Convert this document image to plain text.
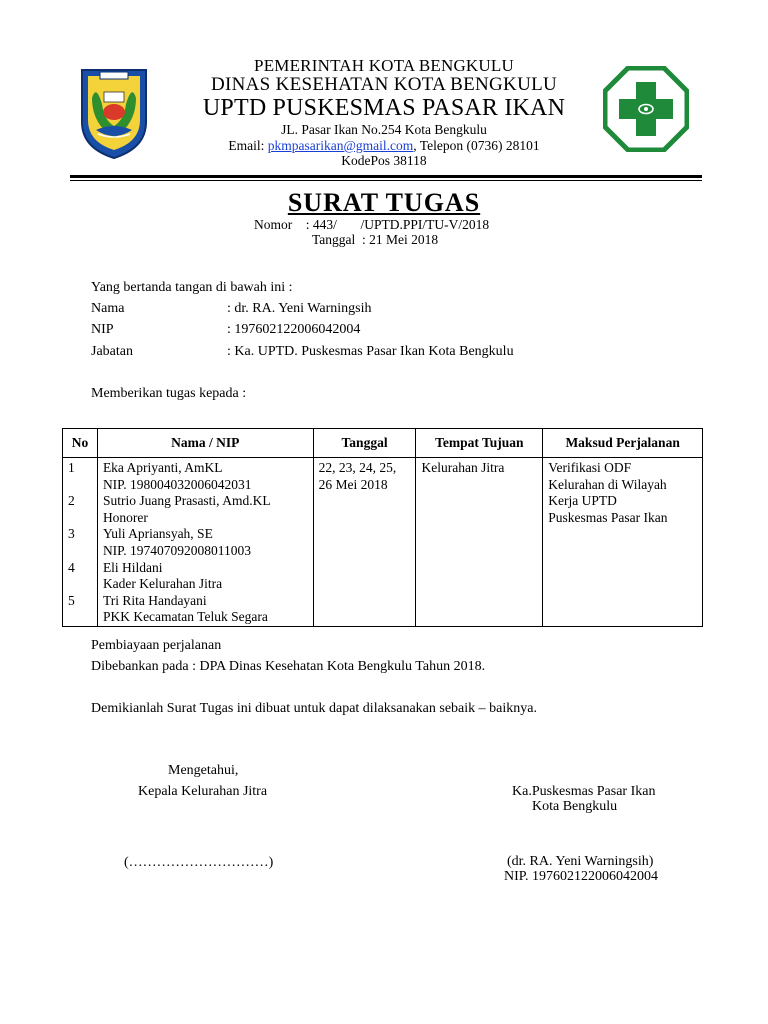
PEMERINTAH KOTA BENGKULU
DINAS KESEHATAN KOTA BENGKULU
UPTD PUSKESMAS PASAR IKAN
JL. Pasar Ikan No.254 Kota Bengkulu
Email: pkmpasarikan@gmail.com, Telepon (0736) 28101
KodePos 38118
SURAT TUGAS
Nomor    : 443/       /UPTD.PPI/TU-V/2018
Tanggal  : 21 Mei 2018
Yang bertanda tangan di bawah ini :
Nama	: dr. RA. Yeni Warningsih
NIP	: 197602122006042004
Jabatan	: Ka. UPTD. Puskesmas Pasar Ikan Kota Bengkulu
Memberikan tugas kepada :
No	Nama / NIP	Tanggal	Tempat Tujuan	Maksud Perjalanan
1	Eka Apriyanti, AmKL	22, 23, 24, 25,	Kelurahan Jitra	Verifikasi ODF
	NIP. 198004032006042031	26 Mei 2018		Kelurahan di Wilayah
2	Sutrio Juang Prasasti, Amd.KL			Kerja UPTD
	Honorer			Puskesmas Pasar Ikan
3	Yuli Apriansyah, SE			
	NIP. 197407092008011003			
4	Eli Hildani			
	Kader Kelurahan Jitra			
5	Tri Rita Handayani			
	PKK Kecamatan Teluk Segara			
Pembiayaan perjalanan
Dibebankan pada : DPA Dinas Kesehatan Kota Bengkulu Tahun 2018.
Demikianlah Surat Tugas ini dibuat untuk dapat dilaksanakan sebaik – baiknya.
Mengetahui,
Kepala Kelurahan Jitra
(…………………………)
Ka.Puskesmas Pasar Ikan
Kota Bengkulu
(dr. RA. Yeni Warningsih)
NIP. 197602122006042004
